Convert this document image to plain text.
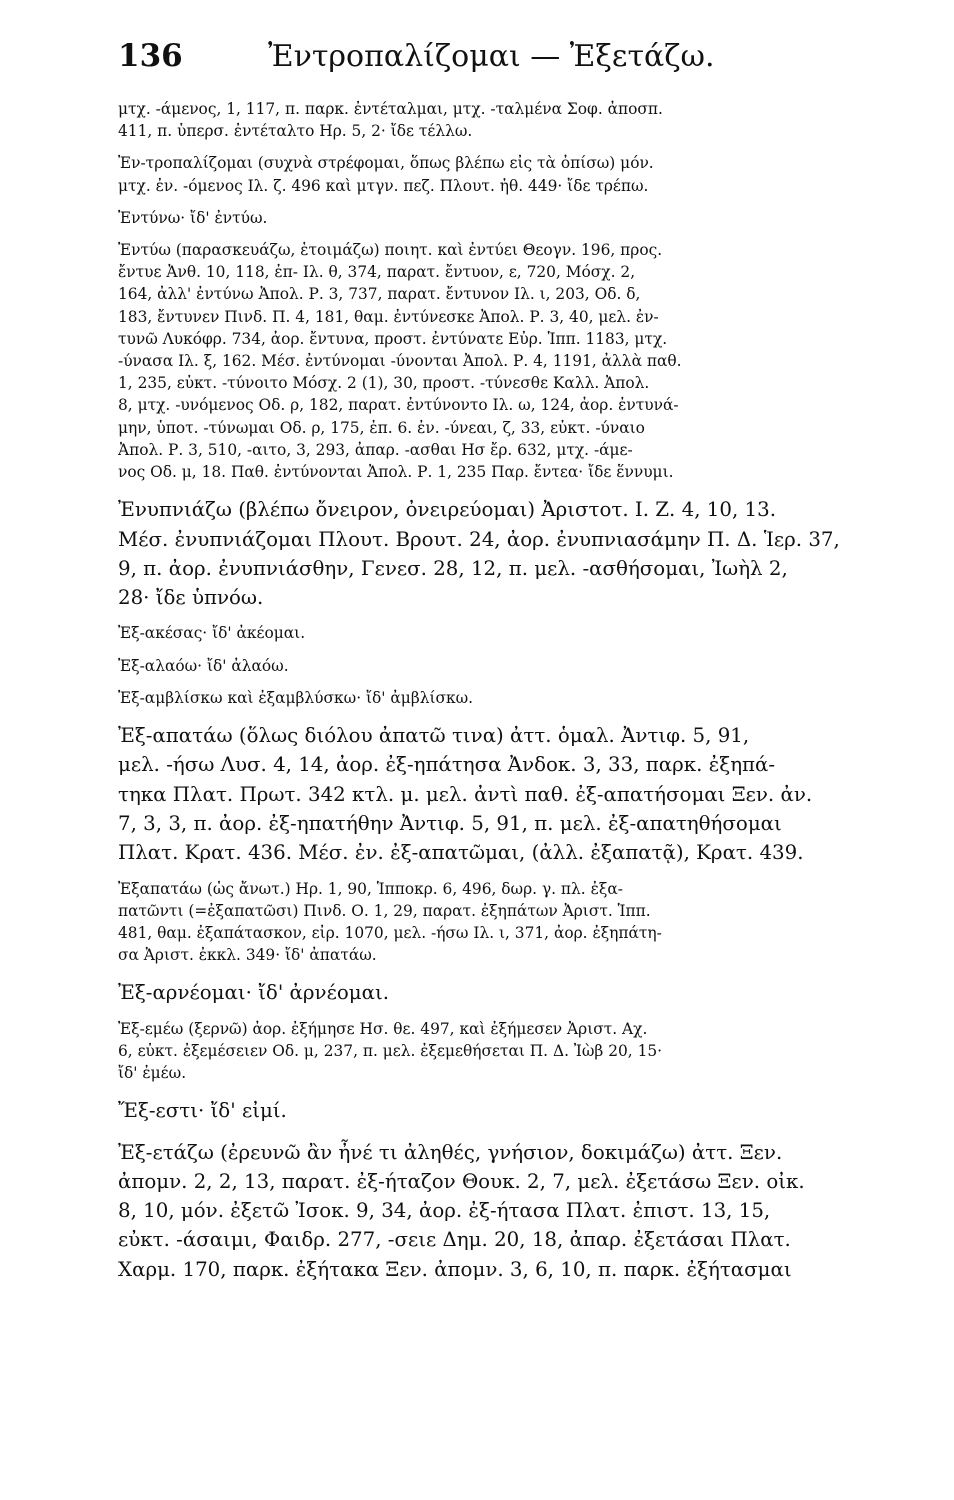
136	Ἐντροπαλίζομαι — Ἐξετάζω.
μτχ. -άμενος, 1, 117, π. παρκ. ἐντέταλμαι, μτχ. -ταλμένα Σοφ. ἀποσπ.
411, π. ὑπερσ. ἐντέταλτο Ηρ. 5, 2· ἴδε τέλλω.
Ἐν-τροπαλίζομαι (συχνὰ στρέφομαι, ὅπως βλέπω εἰς τὰ ὀπίσω) μόν.
μτχ. ἐν. -όμενος Ιλ. ζ. 496 καὶ μτγν. πεζ. Πλουτ. ἠθ. 449· ἴδε τρέπω.
Ἐντύνω· ἴδ' ἐντύω.
Ἐντύω (παρασκευάζω, ἑτοιμάζω) ποιητ. καὶ ἐντύει Θεογν. 196, προς.
ἔντυε Ἀνθ. 10, 118, ἐπ- Ιλ. θ, 374, παρατ. ἔντυον, ε, 720, Μόσχ. 2,
164, ἀλλ' ἐντύνω Ἀπολ. Ρ. 3, 737, παρατ. ἔντυνον Ιλ. ι, 203, Οδ. δ,
183, ἔντυνεν Πινδ. Π. 4, 181, θαμ. ἐντύνεσκε Ἀπολ. Ρ. 3, 40, μελ. ἐν-
τυνῶ Λυκόφρ. 734, ἀορ. ἔντυνα, προστ. ἐντύνατε Εὐρ. Ἱππ. 1183, μτχ.
-ύνασα Ιλ. ξ, 162. Μέσ. ἐντύνομαι -ύνονται Ἀπολ. Ρ. 4, 1191, ἀλλὰ παθ.
1, 235, εὐκτ. -τύνοιτο Μόσχ. 2 (1), 30, προστ. -τύνεσθε Καλλ. Ἀπολ.
8, μτχ. -υνόμενος Οδ. ρ, 182, παρατ. ἐντύνοντο Ιλ. ω, 124, ἀορ. ἐντυνά-
μην, ὑποτ. -τύνωμαι Οδ. ρ, 175, ἐπ. 6. ἐν. -ύνεαι, ζ, 33, εὐκτ. -ύναιο
Ἀπολ. Ρ. 3, 510, -αιτο, 3, 293, ἀπαρ. -ασθαι Ησ ἔρ. 632, μτχ. -άμε-
νος Οδ. μ, 18. Παθ. ἐντύνονται Ἀπολ. Ρ. 1, 235 Παρ. ἔντεα· ἴδε ἕννυμι.
Ἐνυπνιάζω (βλέπω ὄνειρον, ὀνειρεύομαι) Ἀριστοτ. Ι. Ζ. 4, 10, 13.
Μέσ. ἐνυπνιάζομαι Πλουτ. Βρουτ. 24, ἀορ. ἐνυπνιασάμην Π. Δ. Ἱερ. 37,
9, π. ἀορ. ἐνυπνιάσθην, Γενεσ. 28, 12, π. μελ. -ασθήσομαι, Ἰωὴλ 2,
28· ἴδε ὑπνόω.
Ἐξ-ακέσας· ἴδ' ἀκέομαι.
Ἐξ-αλαόω· ἴδ' ἀλαόω.
Ἐξ-αμβλίσκω καὶ ἐξαμβλύσκω· ἴδ' ἀμβλίσκω.
Ἐξ-απατάω (ὅλως διόλου ἀπατῶ τινα) ἀττ. ὁμαλ. Ἀντιφ. 5, 91,
μελ. -ήσω Λυσ. 4, 14, ἀορ. ἐξ-ηπάτησα Ἀνδοκ. 3, 33, παρκ. ἐξηπά-
τηκα Πλατ. Πρωτ. 342 κτλ. μ. μελ. ἀντὶ παθ. ἐξ-απατήσομαι Ξεν. ἀν.
7, 3, 3, π. ἀορ. ἐξ-ηπατήθην Ἀντιφ. 5, 91, π. μελ. ἐξ-απατηθήσομαι
Πλατ. Κρατ. 436. Μέσ. ἐν. ἐξ-απατῶμαι, (ἀλλ. ἐξαπατᾷ), Κρατ. 439.
Ἐξαπατάω (ὡς ἄνωτ.) Ηρ. 1, 90, Ἱπποκρ. 6, 496, δωρ. γ. πλ. ἐξα-
πατῶντι (=ἐξαπατῶσι) Πινδ. Ο. 1, 29, παρατ. ἐξηπάτων Ἀριστ. Ἱππ.
481, θαμ. ἐξαπάτασκον, εἰρ. 1070, μελ. -ήσω Ιλ. ι, 371, ἀορ. ἐξηπάτη-
σα Ἀριστ. ἐκκλ. 349· ἴδ' ἀπατάω.
Ἐξ-αρνέομαι· ἴδ' ἀρνέομαι.
Ἐξ-εμέω (ξερνῶ) ἀορ. ἐξήμησε Ησ. θε. 497, καὶ ἐξήμεσεν Ἀριστ. Αχ.
6, εὐκτ. ἐξεμέσειεν Οδ. μ, 237, π. μελ. ἐξεμεθήσεται Π. Δ. Ἰὼβ 20, 15·
ἴδ' ἐμέω.
Ἔξ-εστι· ἴδ' εἰμί.
Ἐξ-ετάζω (ἐρευνῶ ἂν ἦνέ τι ἀληθές, γνήσιον, δοκιμάζω) ἀττ. Ξεν.
ἀπομν. 2, 2, 13, παρατ. ἐξ-ήταζον Θουκ. 2, 7, μελ. ἐξετάσω Ξεν. οἰκ.
8, 10, μόν. ἐξετῶ Ἰσοκ. 9, 34, ἀορ. ἐξ-ήτασα Πλατ. ἐπιστ. 13, 15,
εὐκτ. -άσαιμι, Φαιδρ. 277, -σειε Δημ. 20, 18, ἀπαρ. ἐξετάσαι Πλατ.
Χαρμ. 170, παρκ. ἐξήτακα Ξεν. ἀπομν. 3, 6, 10, π. παρκ. ἐξήτασμαι
